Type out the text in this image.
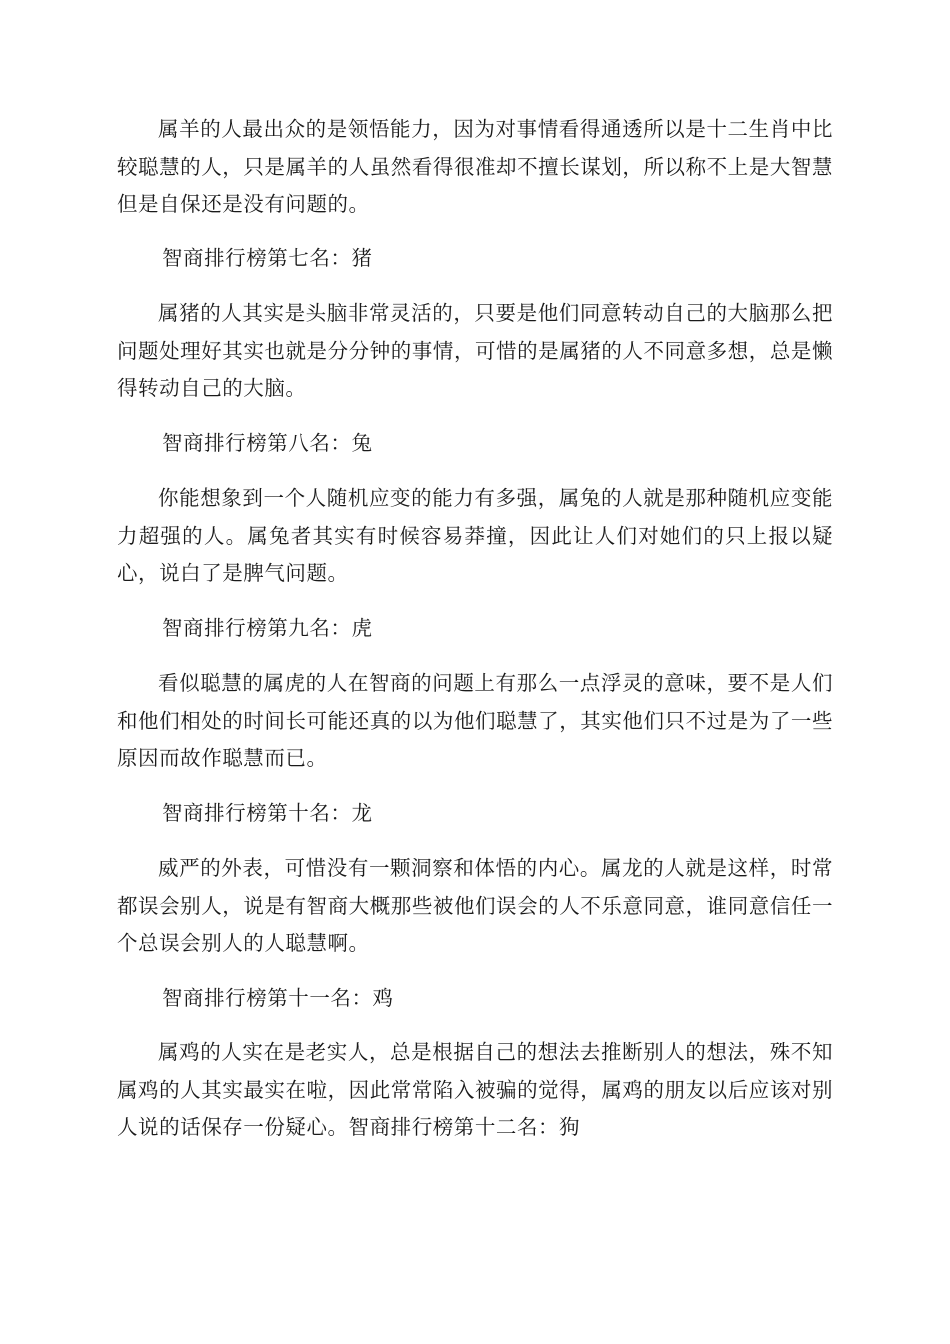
属羊的人最出众的是领悟能力，因为对事情看得通透所以是十二生肖中比较聪慧的人，只是属羊的人虽然看得很准却不擅长谋划，所以称不上是大智慧但是自保还是没有问题的。

智商排行榜第七名：猪

属猪的人其实是头脑非常灵活的，只要是他们同意转动自己的大脑那么把问题处理好其实也就是分分钟的事情，可惜的是属猪的人不同意多想，总是懒得转动自己的大脑。

智商排行榜第八名：兔

你能想象到一个人随机应变的能力有多强，属兔的人就是那种随机应变能力超强的人。属兔者其实有时候容易莽撞，因此让人们对她们的只上报以疑心，说白了是脾气问题。

智商排行榜第九名：虎

看似聪慧的属虎的人在智商的问题上有那么一点浮灵的意味，要不是人们和他们相处的时间长可能还真的以为他们聪慧了，其实他们只不过是为了一些原因而故作聪慧而已。

智商排行榜第十名：龙

威严的外表，可惜没有一颗洞察和体悟的内心。属龙的人就是这样，时常都误会别人，说是有智商大概那些被他们误会的人不乐意同意，谁同意信任一个总误会别人的人聪慧啊。

智商排行榜第十一名：鸡

属鸡的人实在是老实人，总是根据自己的想法去推断别人的想法，殊不知属鸡的人其实最实在啦，因此常常陷入被骗的觉得，属鸡的朋友以后应该对别人说的话保存一份疑心。智商排行榜第十二名：狗
